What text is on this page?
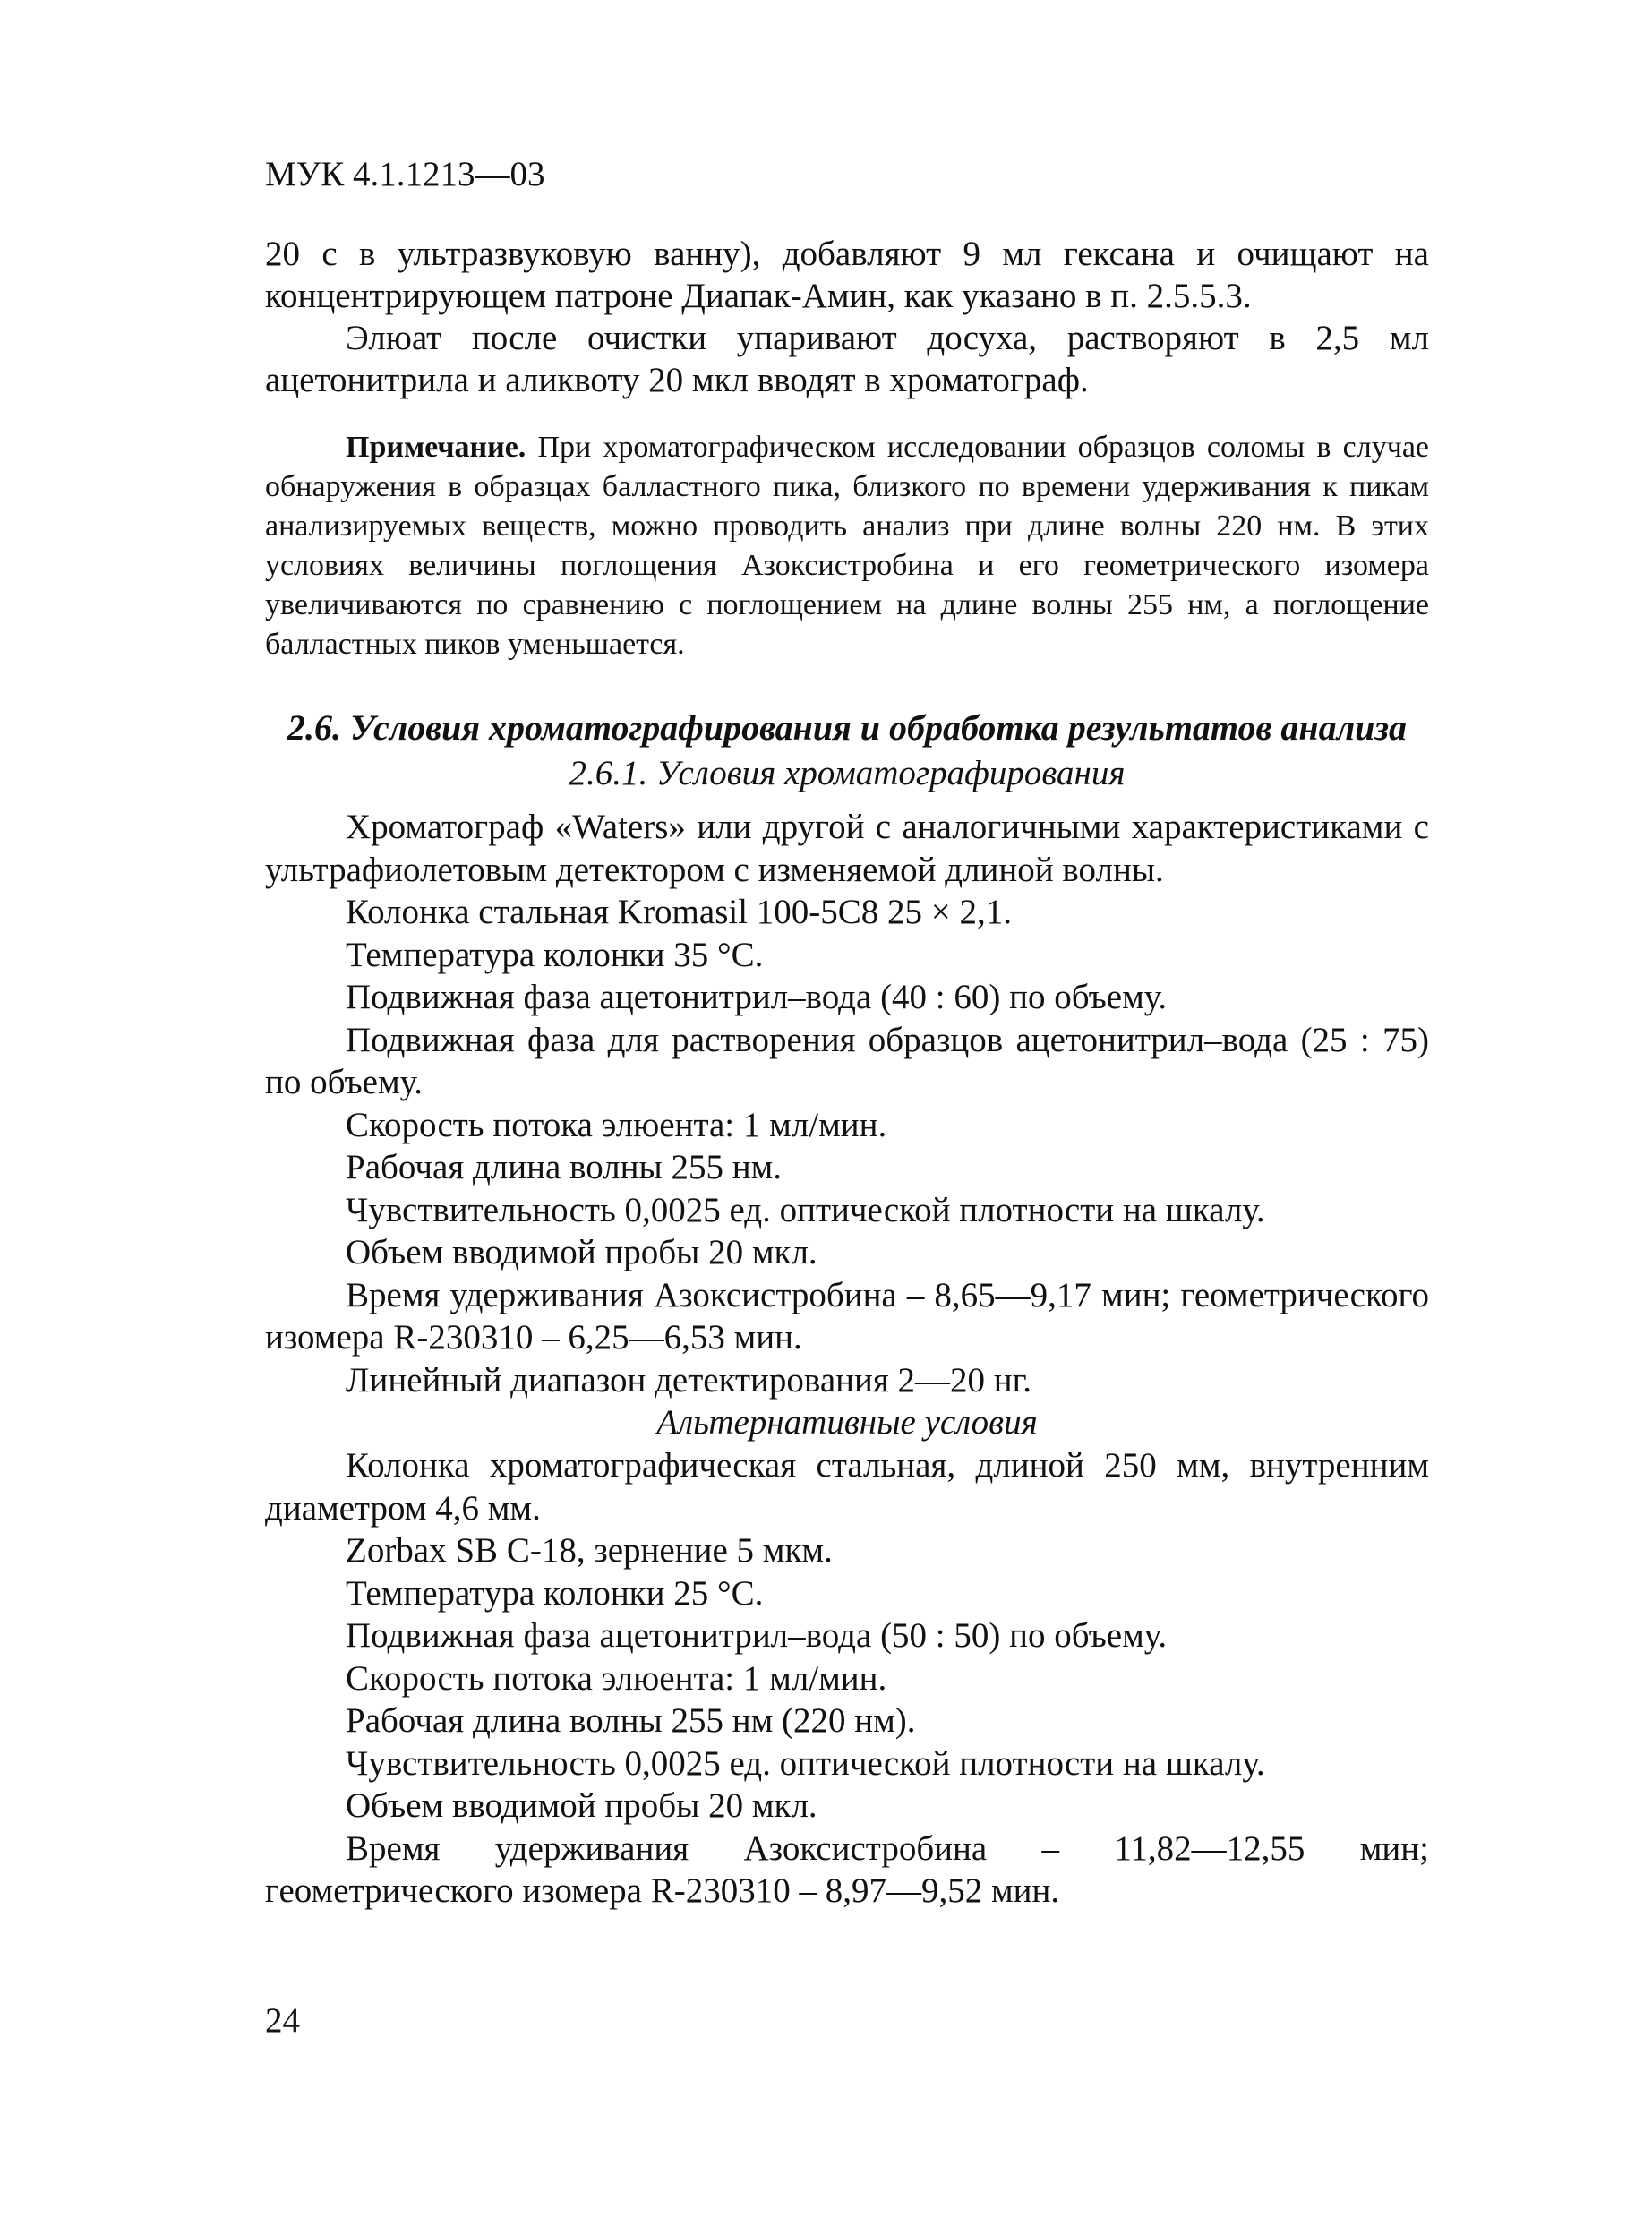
МУК 4.1.1213—03

20 с в ультразвуковую ванну), добавляют 9 мл гексана и очищают на концентрирующем патроне Диапак-Амин, как указано в п. 2.5.5.3.

Элюат после очистки упаривают досуха, растворяют в 2,5 мл ацетонитрила и аликвоту 20 мкл вводят в хроматограф.

Примечание. При хроматографическом исследовании образцов соломы в случае обнаружения в образцах балластного пика, близкого по времени удерживания к пикам анализируемых веществ, можно проводить анализ при длине волны 220 нм. В этих условиях величины поглощения Азоксистробина и его геометрического изомера увеличиваются по сравнению с поглощением на длине волны 255 нм, а поглощение балластных пиков уменьшается.

2.6. Условия хроматографирования и обработка результатов анализа
2.6.1. Условия хроматографирования

Хроматограф «Waters» или другой с аналогичными характеристиками с ультрафиолетовым детектором с изменяемой длиной волны.

Колонка стальная Kromasil 100-5С8 25 × 2,1.

Температура колонки 35 °С.

Подвижная фаза ацетонитрил–вода (40 : 60) по объему.

Подвижная фаза для растворения образцов ацетонитрил–вода (25 : 75) по объему.

Скорость потока элюента: 1 мл/мин.

Рабочая длина волны 255 нм.

Чувствительность 0,0025 ед. оптической плотности на шкалу.

Объем вводимой пробы 20 мкл.

Время удерживания Азоксистробина – 8,65—9,17 мин; геометрического изомера R-230310 – 6,25—6,53 мин.

Линейный диапазон детектирования 2—20 нг.

Альтернативные условия

Колонка хроматографическая стальная, длиной 250 мм, внутренним диаметром 4,6 мм.

Zorbax SB C-18, зернение 5 мкм.

Температура колонки 25 °С.

Подвижная фаза ацетонитрил–вода (50 : 50) по объему.

Скорость потока элюента: 1 мл/мин.

Рабочая длина волны 255 нм (220 нм).

Чувствительность 0,0025 ед. оптической плотности на шкалу.

Объем вводимой пробы 20 мкл.

Время удерживания Азоксистробина – 11,82—12,55 мин; геометрического изомера R-230310 – 8,97—9,52 мин.

24
